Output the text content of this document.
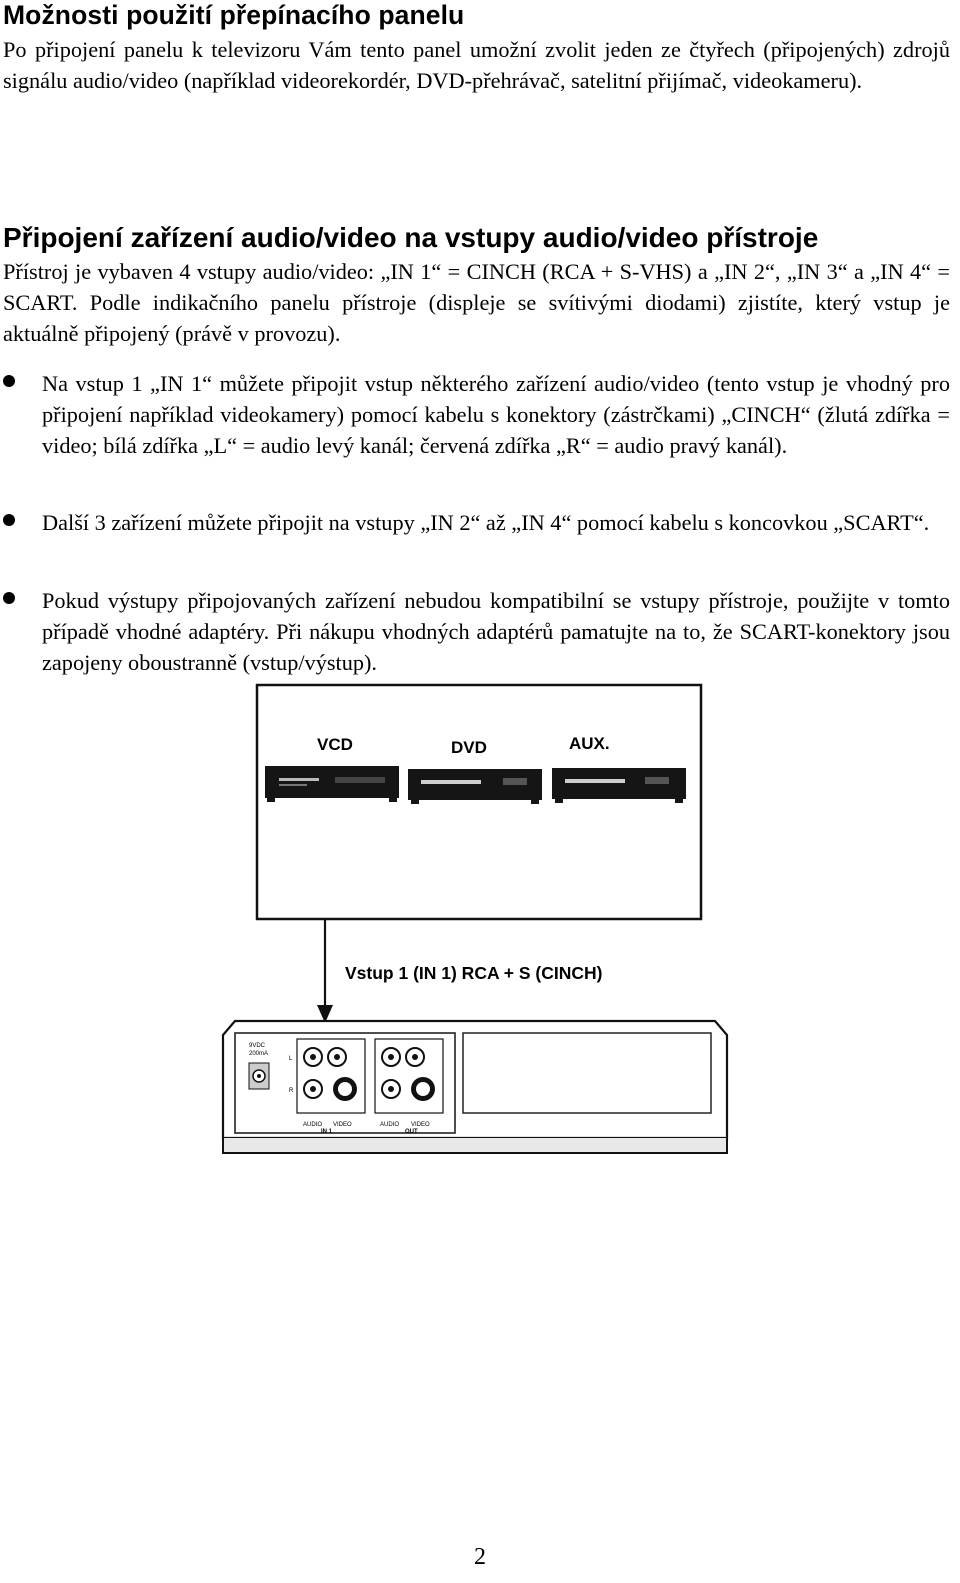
Možnosti použití přepínacího panelu

Po připojení panelu k televizoru Vám tento panel umožní zvolit jeden ze čtyřech (připojených) zdrojů signálu audio/video (například videorekordér, DVD-přehrávač, satelitní přijímač, videokameru).

Připojení zařízení audio/video na vstupy audio/video přístroje

Přístroj je vybaven 4 vstupy audio/video: „IN 1“ = CINCH (RCA + S-VHS) a „IN 2“, „IN 3“ a „IN 4“ = SCART. Podle indikačního panelu přístroje (displeje se svítivými diodami) zjistíte, který vstup je aktuálně připojený (právě v provozu).

Na vstup 1 „IN 1“ můžete připojit vstup některého zařízení audio/video (tento vstup je vhodný pro připojení například videokamery) pomocí kabelu s konektory (zástrčkami) „CINCH“ (žlutá zdířka = video; bílá zdířka „L“ = audio levý kanál; červená zdířka „R“ = audio pravý kanál).

Další 3 zařízení můžete připojit na vstupy „IN 2“ až „IN 4“ pomocí kabelu s koncovkou „SCART“.

Pokud výstupy připojovaných zařízení nebudou kompatibilní se vstupy přístroje, použijte v tomto případě vhodné adaptéry. Při nákupu vhodných adaptérů pamatujte na to, že SCART-konektory jsou zapojeny oboustranně (vstup/výstup).

VCD	DVD	AUX.
Vstup 1 (IN 1) RCA + S (CINCH)
9VDC
200mA
L
R
AUDIO VIDEO
IN 1
AUDIO VIDEO
OUT
2
